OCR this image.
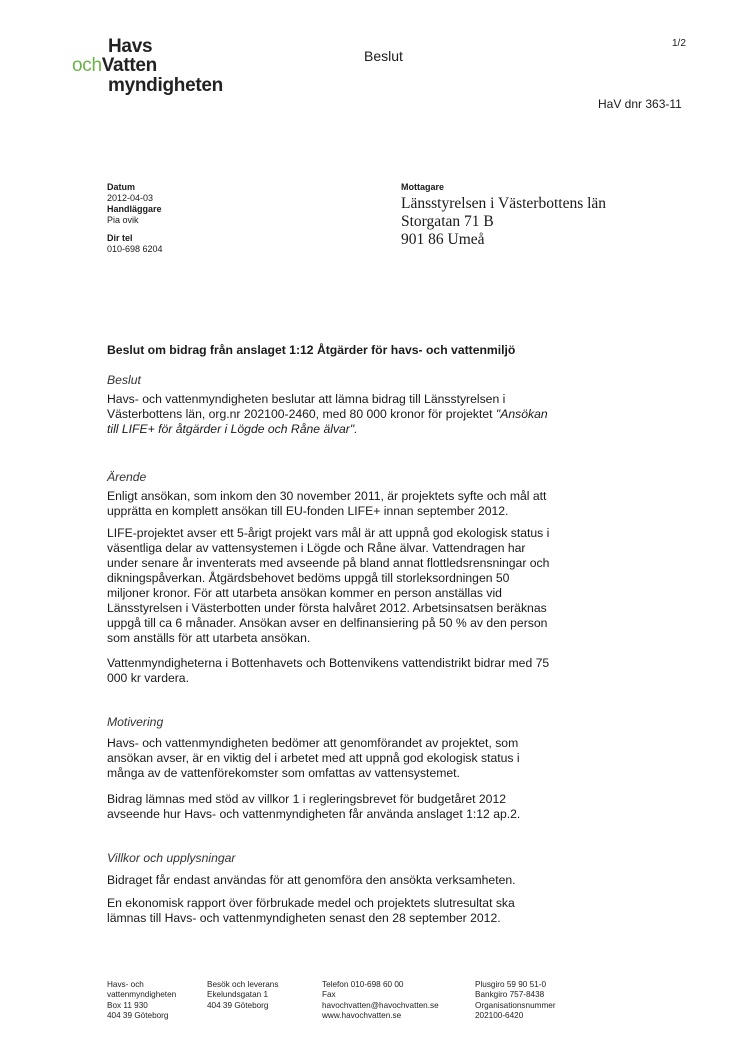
Havs
ochVatten
myndigheten
Beslut
1/2
HaV dnr 363-11
Datum
2012-04-03
Handläggare
Pia ovik
Dir tel
010-698 6204
Mottagare
Länsstyrelsen i Västerbottens län
Storgatan 71 B
901 86 Umeå
Beslut om bidrag från anslaget 1:12 Åtgärder för havs- och vattenmiljö
Beslut
Havs- och vattenmyndigheten beslutar att lämna bidrag till Länsstyrelsen i Västerbottens län, org.nr 202100-2460, med 80 000 kronor för projektet "Ansökan till LIFE+ för åtgärder i Lögde och Råne älvar".
Ärende
Enligt ansökan, som inkom den 30 november 2011, är projektets syfte och mål att upprätta en komplett ansökan till EU-fonden LIFE+ innan september 2012.
LIFE-projektet avser ett 5-årigt projekt vars mål är att uppnå god ekologisk status i väsentliga delar av vattensystemen i Lögde och Råne älvar. Vattendragen har under senare år inventerats med avseende på bland annat flottledsrensningar och dikningspåverkan. Åtgärdsbehovet bedöms uppgå till storleksordningen 50 miljoner kronor. För att utarbeta ansökan kommer en person anställas vid Länsstyrelsen i Västerbotten under första halvåret 2012. Arbetsinsatsen beräknas uppgå till ca 6 månader. Ansökan avser en delfinansiering på 50 % av den person som anställs för att utarbeta ansökan.
Vattenmyndigheterna i Bottenhavets och Bottenvikens vattendistrikt bidrar med 75 000 kr vardera.
Motivering
Havs- och vattenmyndigheten bedömer att genomförandet av projektet, som ansökan avser, är en viktig del i arbetet med att uppnå god ekologisk status i många av de vattenförekomster som omfattas av vattensystemet.
Bidrag lämnas med stöd av villkor 1 i regleringsbrevet för budgetåret 2012 avseende hur Havs- och vattenmyndigheten får använda anslaget 1:12 ap.2.
Villkor och upplysningar
Bidraget får endast användas för att genomföra den ansökta verksamheten.
En ekonomisk rapport över förbrukade medel och projektets slutresultat ska lämnas till Havs- och vattenmyndigheten senast den 28 september 2012.
Havs- och
vattenmyndigheten
Box 11 930
404 39 Göteborg
Besök och leverans
Ekelundsgatan 1
404 39 Göteborg
Telefon 010-698 60 00
Fax
havochvatten@havochvatten.se
www.havochvatten.se
Plusgiro 59 90 51-0
Bankgiro 757-8438
Organisationsnummer
202100-6420
